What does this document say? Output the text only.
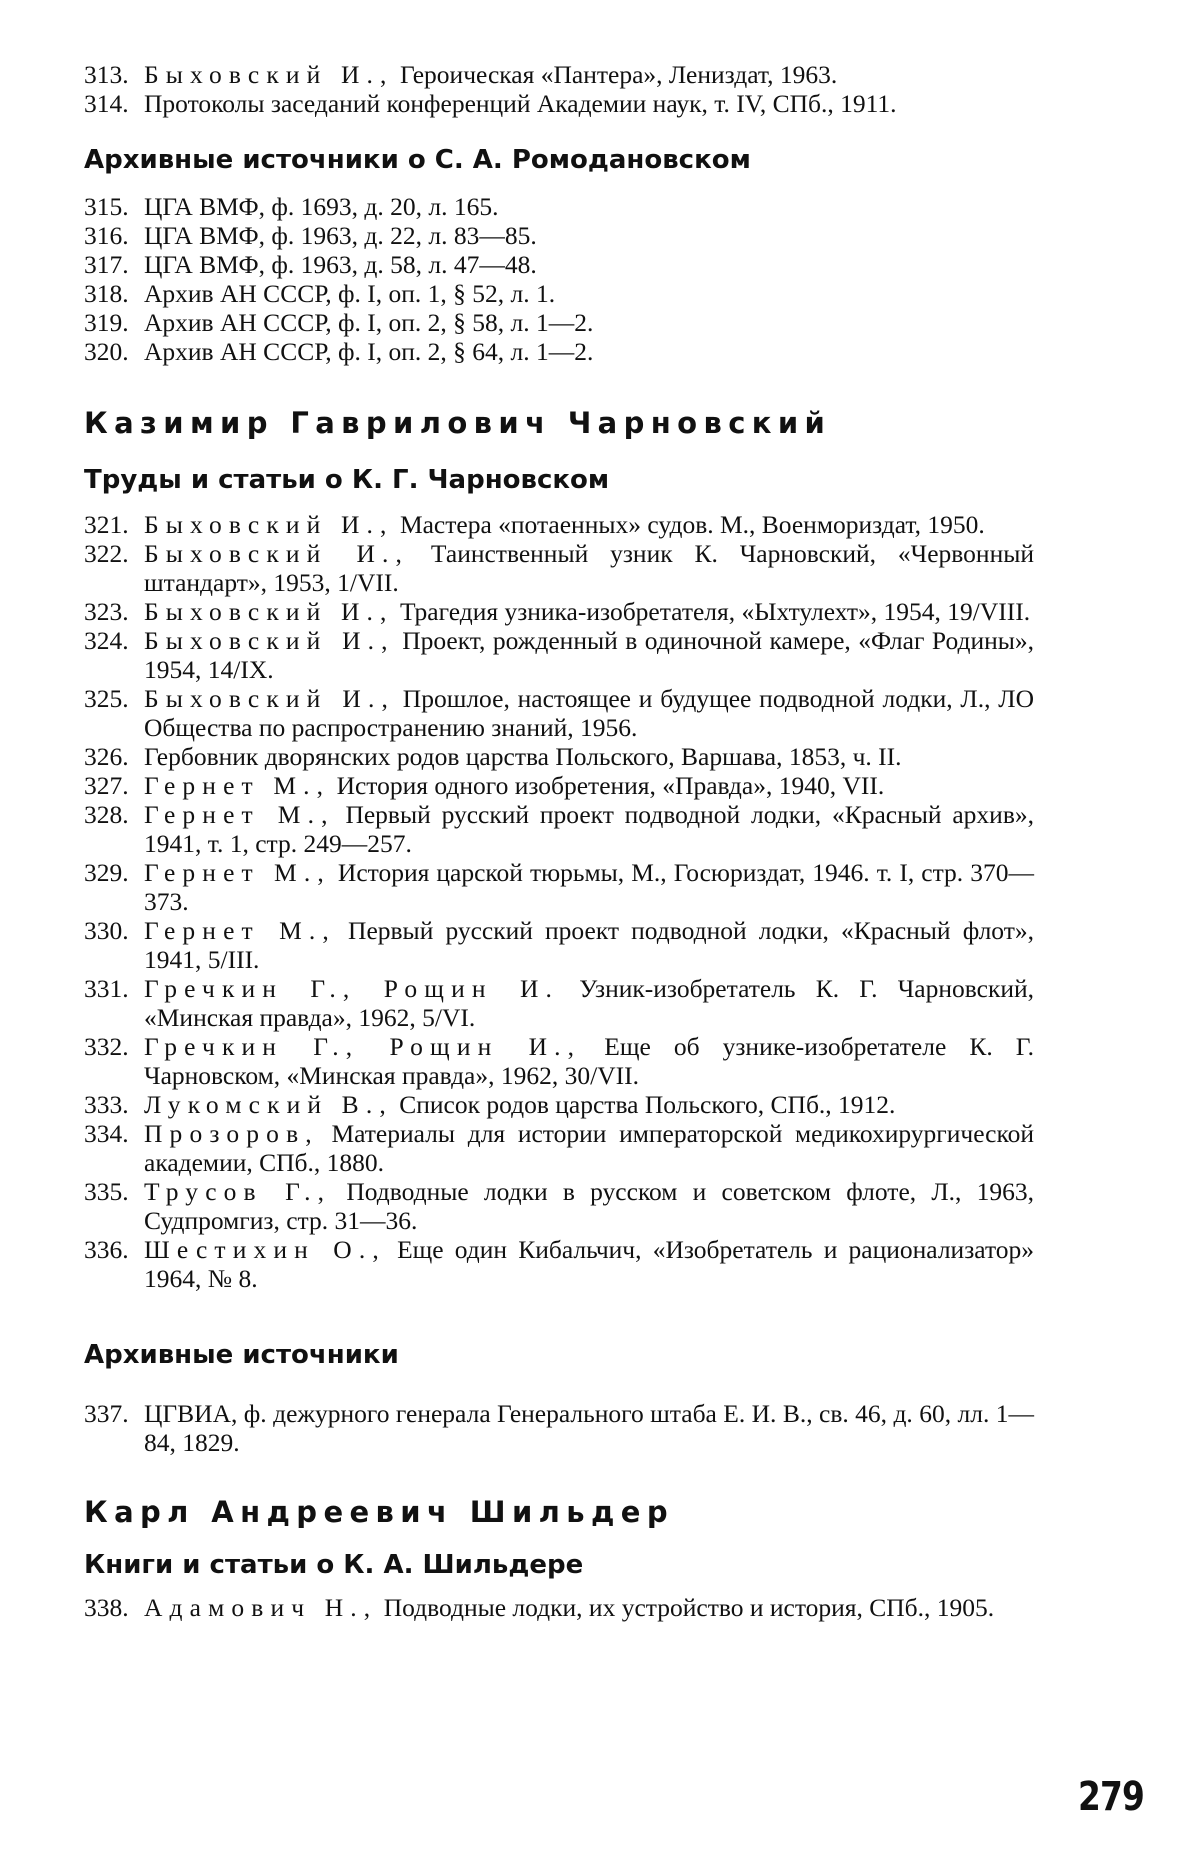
313. Быховский И., Героическая «Пантера», Лениздат, 1963.
314. Протоколы заседаний конференций Академии наук, т. IV, СПб., 1911.
Архивные источники о С. А. Ромодановском
315. ЦГА ВМФ, ф. 1693, д. 20, л. 165.
316. ЦГА ВМФ, ф. 1963, д. 22, л. 83—85.
317. ЦГА ВМФ, ф. 1963, д. 58, л. 47—48.
318. Архив АН СССР, ф. I, оп. 1, § 52, л. 1.
319. Архив АН СССР, ф. I, оп. 2, § 58, л. 1—2.
320. Архив АН СССР, ф. I, оп. 2, § 64, л. 1—2.
Казимир Гаврилович Чарновский
Труды и статьи о К. Г. Чарновском
321. Быховский И., Мастера «потаенных» судов. М., Военмориздат, 1950.
322. Быховский И., Таинственный узник К. Чарновский, «Червонный штандарт», 1953, 1/VII.
323. Быховский И., Трагедия узника-изобретателя, «Ыхтулехт», 1954, 19/VIII.
324. Быховский И., Проект, рожденный в одиночной камере, «Флаг Родины», 1954, 14/IX.
325. Быховский И., Прошлое, настоящее и будущее подводной лодки, Л., ЛО Общества по распространению знаний, 1956.
326. Гербовник дворянских родов царства Польского, Варшава, 1853, ч. II.
327. Гернет М., История одного изобретения, «Правда», 1940, VII.
328. Гернет М., Первый русский проект подводной лодки, «Красный архив», 1941, т. 1, стр. 249—257.
329. Гернет М., История царской тюрьмы, М., Госюриздат, 1946. т. I, стр. 370—373.
330. Гернет М., Первый русский проект подводной лодки, «Красный флот», 1941, 5/III.
331. Гречкин Г., Рощин И. Узник-изобретатель К. Г. Чарновский, «Минская правда», 1962, 5/VI.
332. Гречкин Г., Рощин И., Еще об узнике-изобретателе К. Г. Чарновском, «Минская правда», 1962, 30/VII.
333. Лукомский В., Список родов царства Польского, СПб., 1912.
334. Прозоров, Материалы для истории императорской медикохирургической академии, СПб., 1880.
335. Трусов Г., Подводные лодки в русском и советском флоте, Л., 1963, Судпромгиз, стр. 31—36.
336. Шестихин О., Еще один Кибальчич, «Изобретатель и рационализатор» 1964, № 8.
Архивные источники
337. ЦГВИА, ф. дежурного генерала Генерального штаба Е. И. В., св. 46, д. 60, лл. 1—84, 1829.
Карл Андреевич Шильдер
Книги и статьи о К. А. Шильдере
338. Адамович Н., Подводные лодки, их устройство и история, СПб., 1905.
279
